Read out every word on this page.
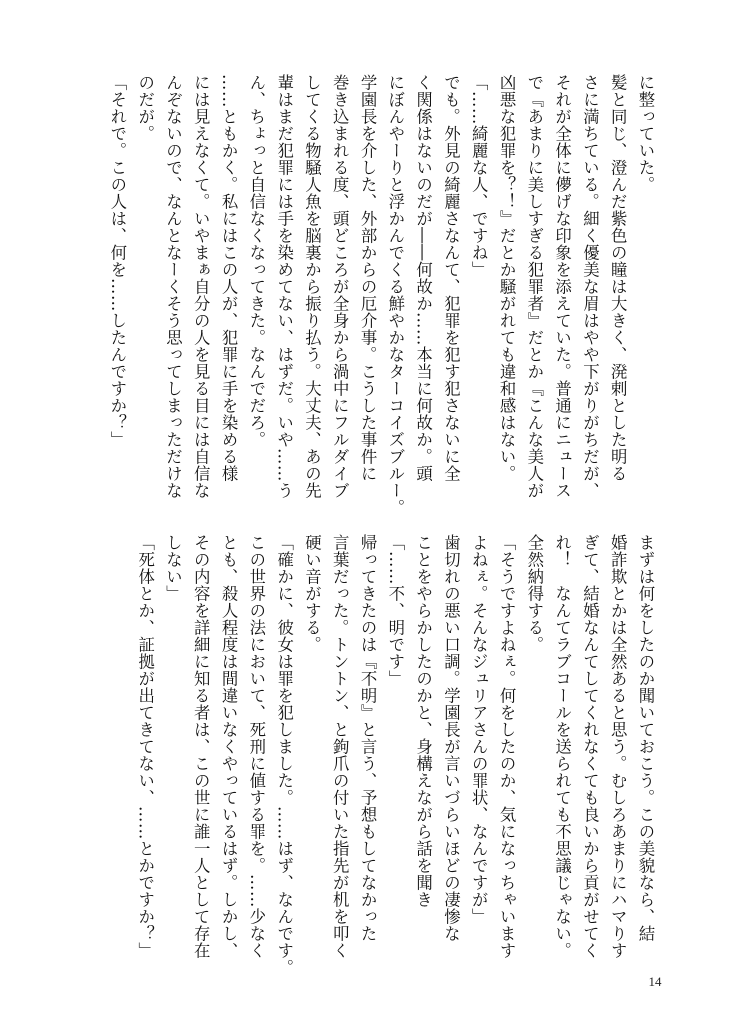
に整っていた。
髪と同じ、澄んだ紫色の瞳は大きく、溌剌とした明る
さに満ちている。細く優美な眉はやや下がりがちだが、
それが全体に儚げな印象を添えていた。普通にニュース
で『あまりに美しすぎる犯罪者』だとか『こんな美人が
凶悪な犯罪を？！』だとか騒がれても違和感はない。
「……綺麗な人、ですね」
でも。外見の綺麗さなんて、犯罪を犯す犯さないに全
く関係はないのだが――何故か……本当に何故か。頭
にぼんやーりと浮かんでくる鮮やかなターコイズブルー。
学園長を介した、外部からの厄介事。こうした事件に
巻き込まれる度、頭どころが全身から渦中にフルダイブ
してくる物騒人魚を脳裏から振り払う。大丈夫、あの先
輩はまだ犯罪には手を染めてない、はずだ。いや……う
ん、ちょっと自信なくなってきた。なんでだろ。
……ともかく。私にはこの人が、犯罪に手を染める様
には見えなくて。いやまぁ自分の人を見る目には自信な
んぞないので、なんとなーくそう思ってしまっただけな
のだが。
「それで。この人は、何を……したんですか？」
まずは何をしたのか聞いておこう。この美貌なら、結
婚詐欺とかは全然あると思う。むしろあまりにハマりす
ぎて、結婚なんてしてくれなくても良いから貢がせてく
れ！　なんてラブコールを送られても不思議じゃない。
全然納得する。
「そうですよねぇ。何をしたのか、気になっちゃいます
よねぇ。そんなジュリアさんの罪状、なんですが」
歯切れの悪い口調。学園長が言いづらいほどの凄惨な
ことをやらかしたのかと、身構えながら話を聞き
「……不、明です」
帰ってきたのは『不明』と言う、予想もしてなかった
言葉だった。トントン、と鉤爪の付いた指先が机を叩く
硬い音がする。
「確かに、彼女は罪を犯しました。……はず、なんです。
この世界の法において、死刑に値する罪を。……少なく
とも、殺人程度は間違いなくやっているはず。しかし、
その内容を詳細に知る者は、この世に誰一人として存在
しない」
「死体とか、証拠が出てきてない、……とかですか？」
14
